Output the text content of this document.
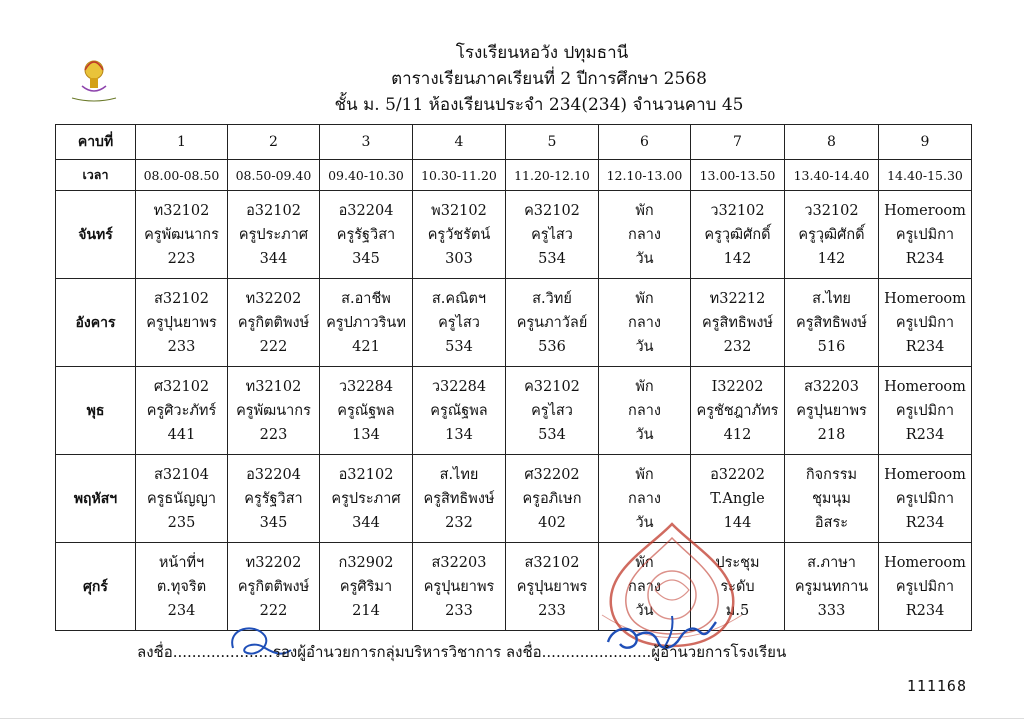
โรงเรียนหอวัง ปทุมธานี
ตารางเรียนภาคเรียนที่ 2 ปีการศึกษา 2568
ชั้น ม. 5/11 ห้องเรียนประจำ 234(234) จำนวนคาบ 45
คาบที่	1	2	3	4	5	6	7	8	9
เวลา	08.00-08.50	08.50-09.40	09.40-10.30	10.30-11.20	11.20-12.10	12.10-13.00	13.00-13.50	13.40-14.40	14.40-15.30
จันทร์	ท32102
ครูพัฒนากร
223	อ32102
ครูประภาศ
344	อ32204
ครูรัฐวิสา
345	พ32102
ครูวัชรัตน์
303	ค32102
ครูไสว
534	พัก
กลาง
วัน	ว32102
ครูวุฒิศักดิ์
142	ว32102
ครูวุฒิศักดิ์
142	Homeroom
ครูเปมิกา
R234

อังคาร	ส32102
ครูปุนยาพร
233	ท32202
ครูกิตติพงษ์
222	ส.อาชีพ
ครูปภาวรินท
421	ส.คณิตฯ
ครูไสว
534	ส.วิทย์
ครูนภาวัลย์
536	พัก
กลาง
วัน	ท32212
ครูสิทธิพงษ์
232	ส.ไทย
ครูสิทธิพงษ์
516	Homeroom
ครูเปมิกา
R234

พุธ	ศ32102
ครูศิวะภัทร์
441	ท32102
ครูพัฒนากร
223	ว32284
ครูณัฐพล
134	ว32284
ครูณัฐพล
134	ค32102
ครูไสว
534	พัก
กลาง
วัน	I32202
ครูชัชฎาภัทร
412	ส32203
ครูปุนยาพร
218	Homeroom
ครูเปมิกา
R234

พฤหัสฯ	ส32104
ครูธนัญญา
235	อ32204
ครูรัฐวิสา
345	อ32102
ครูประภาศ
344	ส.ไทย
ครูสิทธิพงษ์
232	ศ32202
ครูอภิเษก
402	พัก
กลาง
วัน	อ32202
T.Angle
144	กิจกรรม
ชุมนุม
อิสระ	Homeroom
ครูเปมิกา
R234

ศุกร์	หน้าที่ฯ
ต.ทุจริต
234	ท32202
ครูกิตติพงษ์
222	ก32902
ครูศิริมา
214	ส32203
ครูปุนยาพร
233	ส32102
ครูปุนยาพร
233	พัก
กลาง
วัน	ประชุม
ระดับ
ม.5	ส.ภาษา
ครูมนทกาน
333	Homeroom
ครูเปมิกา
R234
ลงชื่อ.....................รองผู้อำนวยการกลุ่มบริหารวิชาการ ลงชื่อ.......................ผู้อำนวยการโรงเรียน
111168
